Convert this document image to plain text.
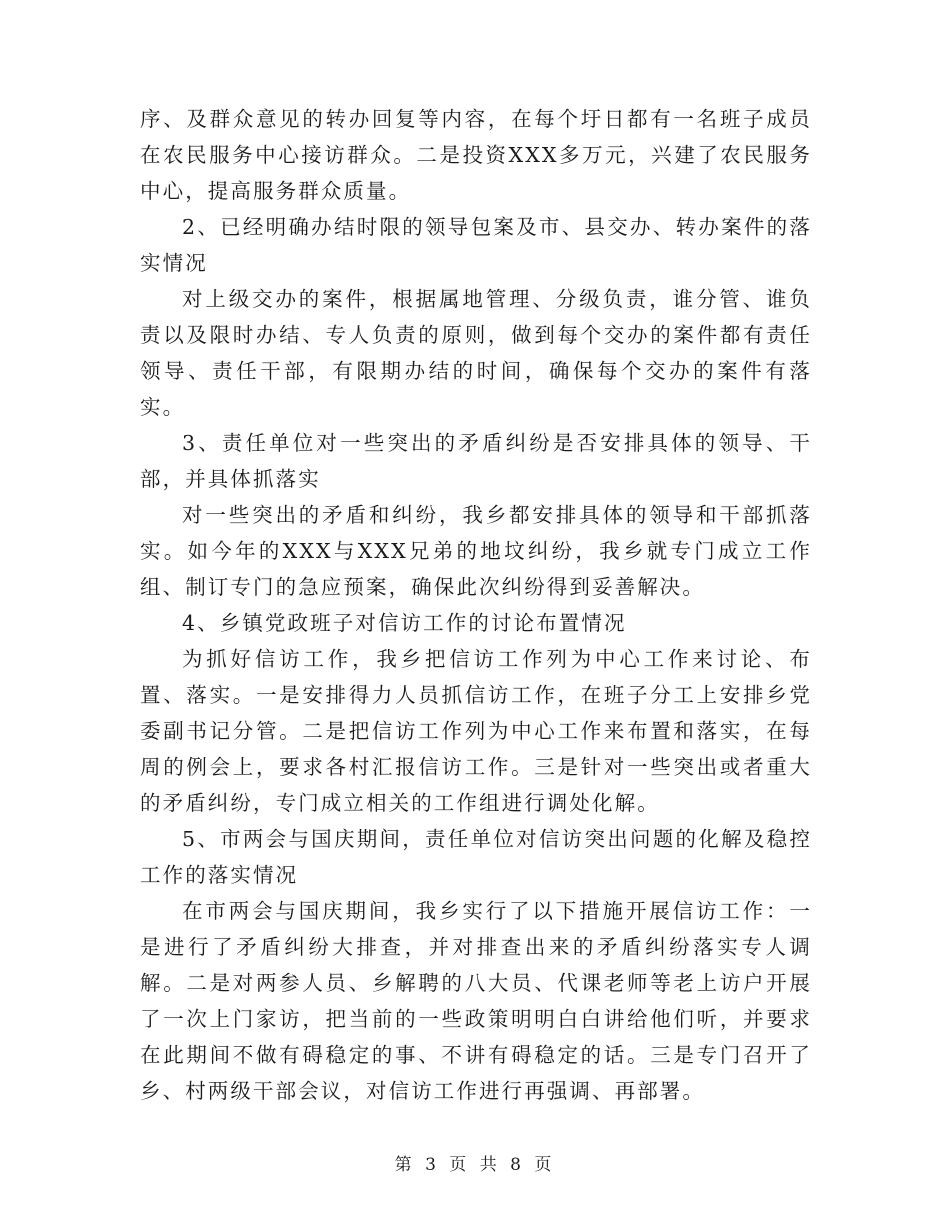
序、及群众意见的转办回复等内容，在每个圩日都有一名班子成员在农民服务中心接访群众。二是投资XXX多万元，兴建了农民服务中心，提高服务群众质量。

2、已经明确办结时限的领导包案及市、县交办、转办案件的落实情况

对上级交办的案件，根据属地管理、分级负责，谁分管、谁负责以及限时办结、专人负责的原则，做到每个交办的案件都有责任领导、责任干部，有限期办结的时间，确保每个交办的案件有落实。

3、责任单位对一些突出的矛盾纠纷是否安排具体的领导、干部，并具体抓落实

对一些突出的矛盾和纠纷，我乡都安排具体的领导和干部抓落实。如今年的XXX与XXX兄弟的地坟纠纷，我乡就专门成立工作组、制订专门的急应预案，确保此次纠纷得到妥善解决。

4、乡镇党政班子对信访工作的讨论布置情况

为抓好信访工作，我乡把信访工作列为中心工作来讨论、布置、落实。一是安排得力人员抓信访工作，在班子分工上安排乡党委副书记分管。二是把信访工作列为中心工作来布置和落实，在每周的例会上，要求各村汇报信访工作。三是针对一些突出或者重大的矛盾纠纷，专门成立相关的工作组进行调处化解。

5、市两会与国庆期间，责任单位对信访突出问题的化解及稳控工作的落实情况

在市两会与国庆期间，我乡实行了以下措施开展信访工作：一是进行了矛盾纠纷大排查，并对排查出来的矛盾纠纷落实专人调解。二是对两参人员、乡解聘的八大员、代课老师等老上访户开展了一次上门家访，把当前的一些政策明明白白讲给他们听，并要求在此期间不做有碍稳定的事、不讲有碍稳定的话。三是专门召开了乡、村两级干部会议，对信访工作进行再强调、再部署。

第 3 页 共 8 页
